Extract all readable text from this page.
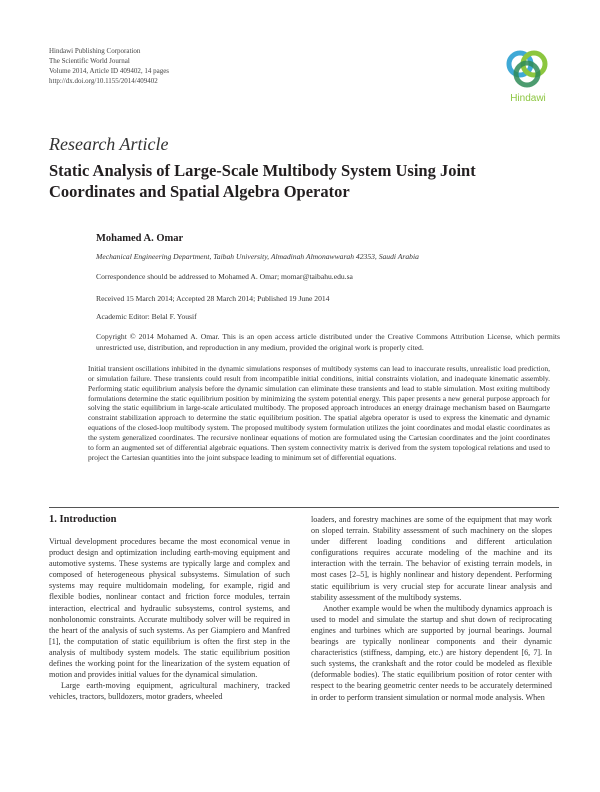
Hindawi Publishing Corporation
The Scientific World Journal
Volume 2014, Article ID 409402, 14 pages
http://dx.doi.org/10.1155/2014/409402
Hindawi
Research Article
Static Analysis of Large-Scale Multibody System Using Joint Coordinates and Spatial Algebra Operator
Mohamed A. Omar
Mechanical Engineering Department, Taibah University, Almadinah Almonawwarah 42353, Saudi Arabia
Correspondence should be addressed to Mohamed A. Omar; momar@taibahu.edu.sa
Received 15 March 2014; Accepted 28 March 2014; Published 19 June 2014
Academic Editor: Belal F. Yousif
Copyright © 2014 Mohamed A. Omar. This is an open access article distributed under the Creative Commons Attribution License, which permits unrestricted use, distribution, and reproduction in any medium, provided the original work is properly cited.
Initial transient oscillations inhibited in the dynamic simulations responses of multibody systems can lead to inaccurate results, unrealistic load prediction, or simulation failure. These transients could result from incompatible initial conditions, initial constraints violation, and inadequate kinematic assembly. Performing static equilibrium analysis before the dynamic simulation can eliminate these transients and lead to stable simulation. Most exiting multibody formulations determine the static equilibrium position by minimizing the system potential energy. This paper presents a new general purpose approach for solving the static equilibrium in large-scale articulated multibody. The proposed approach introduces an energy drainage mechanism based on Baumgarte constraint stabilization approach to determine the static equilibrium position. The spatial algebra operator is used to express the kinematic and dynamic equations of the closed-loop multibody system. The proposed multibody system formulation utilizes the joint coordinates and modal elastic coordinates as the system generalized coordinates. The recursive nonlinear equations of motion are formulated using the Cartesian coordinates and the joint coordinates to form an augmented set of differential algebraic equations. Then system connectivity matrix is derived from the system topological relations and used to project the Cartesian quantities into the joint subspace leading to minimum set of differential equations.
1. Introduction

Virtual development procedures became the most economical venue in product design and optimization including earth-moving equipment and automotive systems. These systems are typically large and complex and composed of heterogeneous physical subsystems. Simulation of such systems may require multidomain modeling, for example, rigid and flexible bodies, nonlinear contact and friction force modules, terrain interaction, electrical and hydraulic subsystems, control systems, and nonholonomic constraints. Accurate multibody solver will be required in the heart of the analysis of such systems. As per Giampiero and Manfred [1], the computation of static equilibrium is often the first step in the analysis of multibody system models. The static equilibrium position defines the working point for the linearization of the system equation of motion and provides initial values for the dynamical simulation.

Large earth-moving equipment, agricultural machinery, tracked vehicles, tractors, bulldozers, motor graders, wheeled

loaders, and forestry machines are some of the equipment that may work on sloped terrain. Stability assessment of such machinery on the slopes under different loading conditions and different articulation configurations requires accurate modeling of the machine and its interaction with the terrain. The behavior of existing terrain models, in most cases [2–5], is highly nonlinear and history dependent. Performing static equilibrium is very crucial step for accurate linear analysis and stability assessment of the multibody systems.

Another example would be when the multibody dynamics approach is used to model and simulate the startup and shut down of reciprocating engines and turbines which are supported by journal bearings. Journal bearings are typically nonlinear components and their dynamic characteristics (stiffness, damping, etc.) are history dependent [6, 7]. In such systems, the crankshaft and the rotor could be modeled as flexible (deformable bodies). The static equilibrium position of rotor center with respect to the bearing geometric center needs to be accurately determined in order to perform transient simulation or normal mode analysis. When
